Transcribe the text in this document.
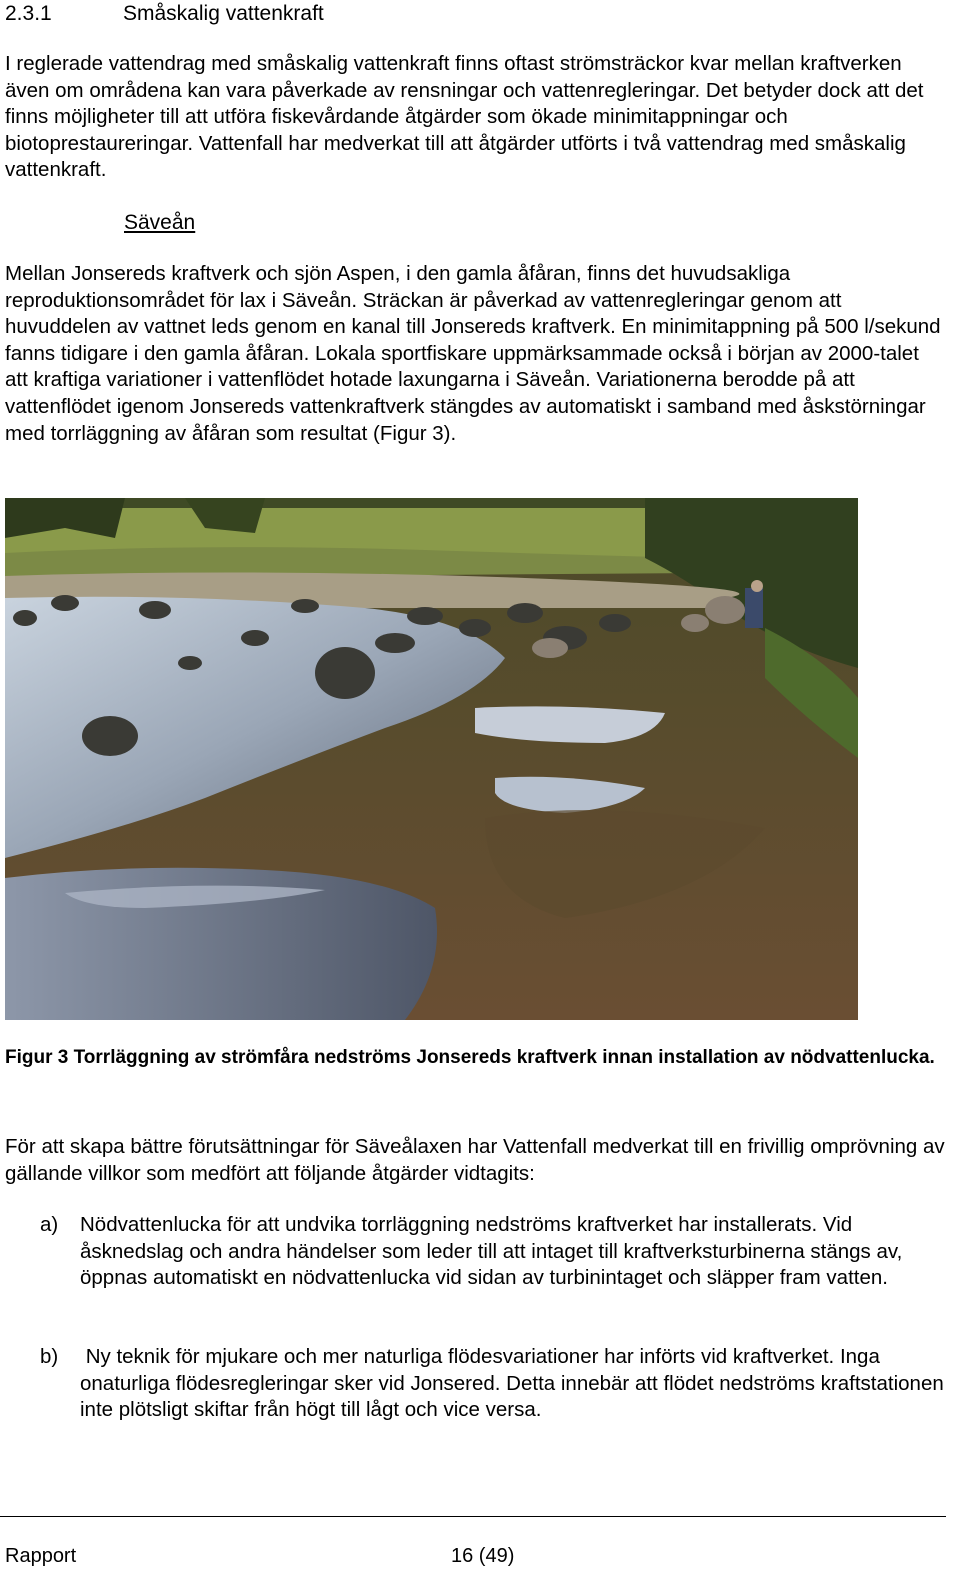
2.3.1	Småskalig vattenkraft

I reglerade vattendrag med småskalig vattenkraft finns oftast strömsträckor kvar mellan kraftverken även om områdena kan vara påverkade av rensningar och vattenregleringar. Det betyder dock att det finns möjligheter till att utföra fiskevårdande åtgärder som ökade minimitappningar och biotoprestaureringar. Vattenfall har medverkat till att åtgärder utförts i två vattendrag med småskalig vattenkraft.

Säveån

Mellan Jonsereds kraftverk och sjön Aspen, i den gamla åfåran, finns det huvudsakliga reproduktionsområdet för lax i Säveån. Sträckan är påverkad av vattenregleringar genom att huvuddelen av vattnet leds genom en kanal till Jonsereds kraftverk. En minimitappning på 500 l/sekund fanns tidigare i den gamla åfåran. Lokala sportfiskare uppmärksammade också i början av 2000-talet att kraftiga variationer i vattenflödet hotade laxungarna i Säveån. Variationerna berodde på att vattenflödet igenom Jonsereds vattenkraftverk stängdes av automatiskt i samband med åskstörningar med torrläggning av åfåran som resultat (Figur 3).

Figur 3 Torrläggning av strömfåra nedströms Jonsereds kraftverk innan installation av nödvattenlucka.

För att skapa bättre förutsättningar för Säveålaxen har Vattenfall medverkat till en frivillig omprövning av gällande villkor som medfört att följande åtgärder vidtagits:

a)	Nödvattenlucka för att undvika torrläggning nedströms kraftverket har installerats. Vid åsknedslag och andra händelser som leder till att intaget till kraftverksturbinerna stängs av, öppnas automatiskt en nödvattenlucka vid sidan av turbinintaget och släpper fram vatten.
b)	Ny teknik för mjukare och mer naturliga flödesvariationer har införts vid kraftverket. Inga onaturliga flödesregleringar sker vid Jonsered. Detta innebär att flödet nedströms kraftstationen inte plötsligt skiftar från högt till lågt och vice versa.
Rapport	16 (49)
